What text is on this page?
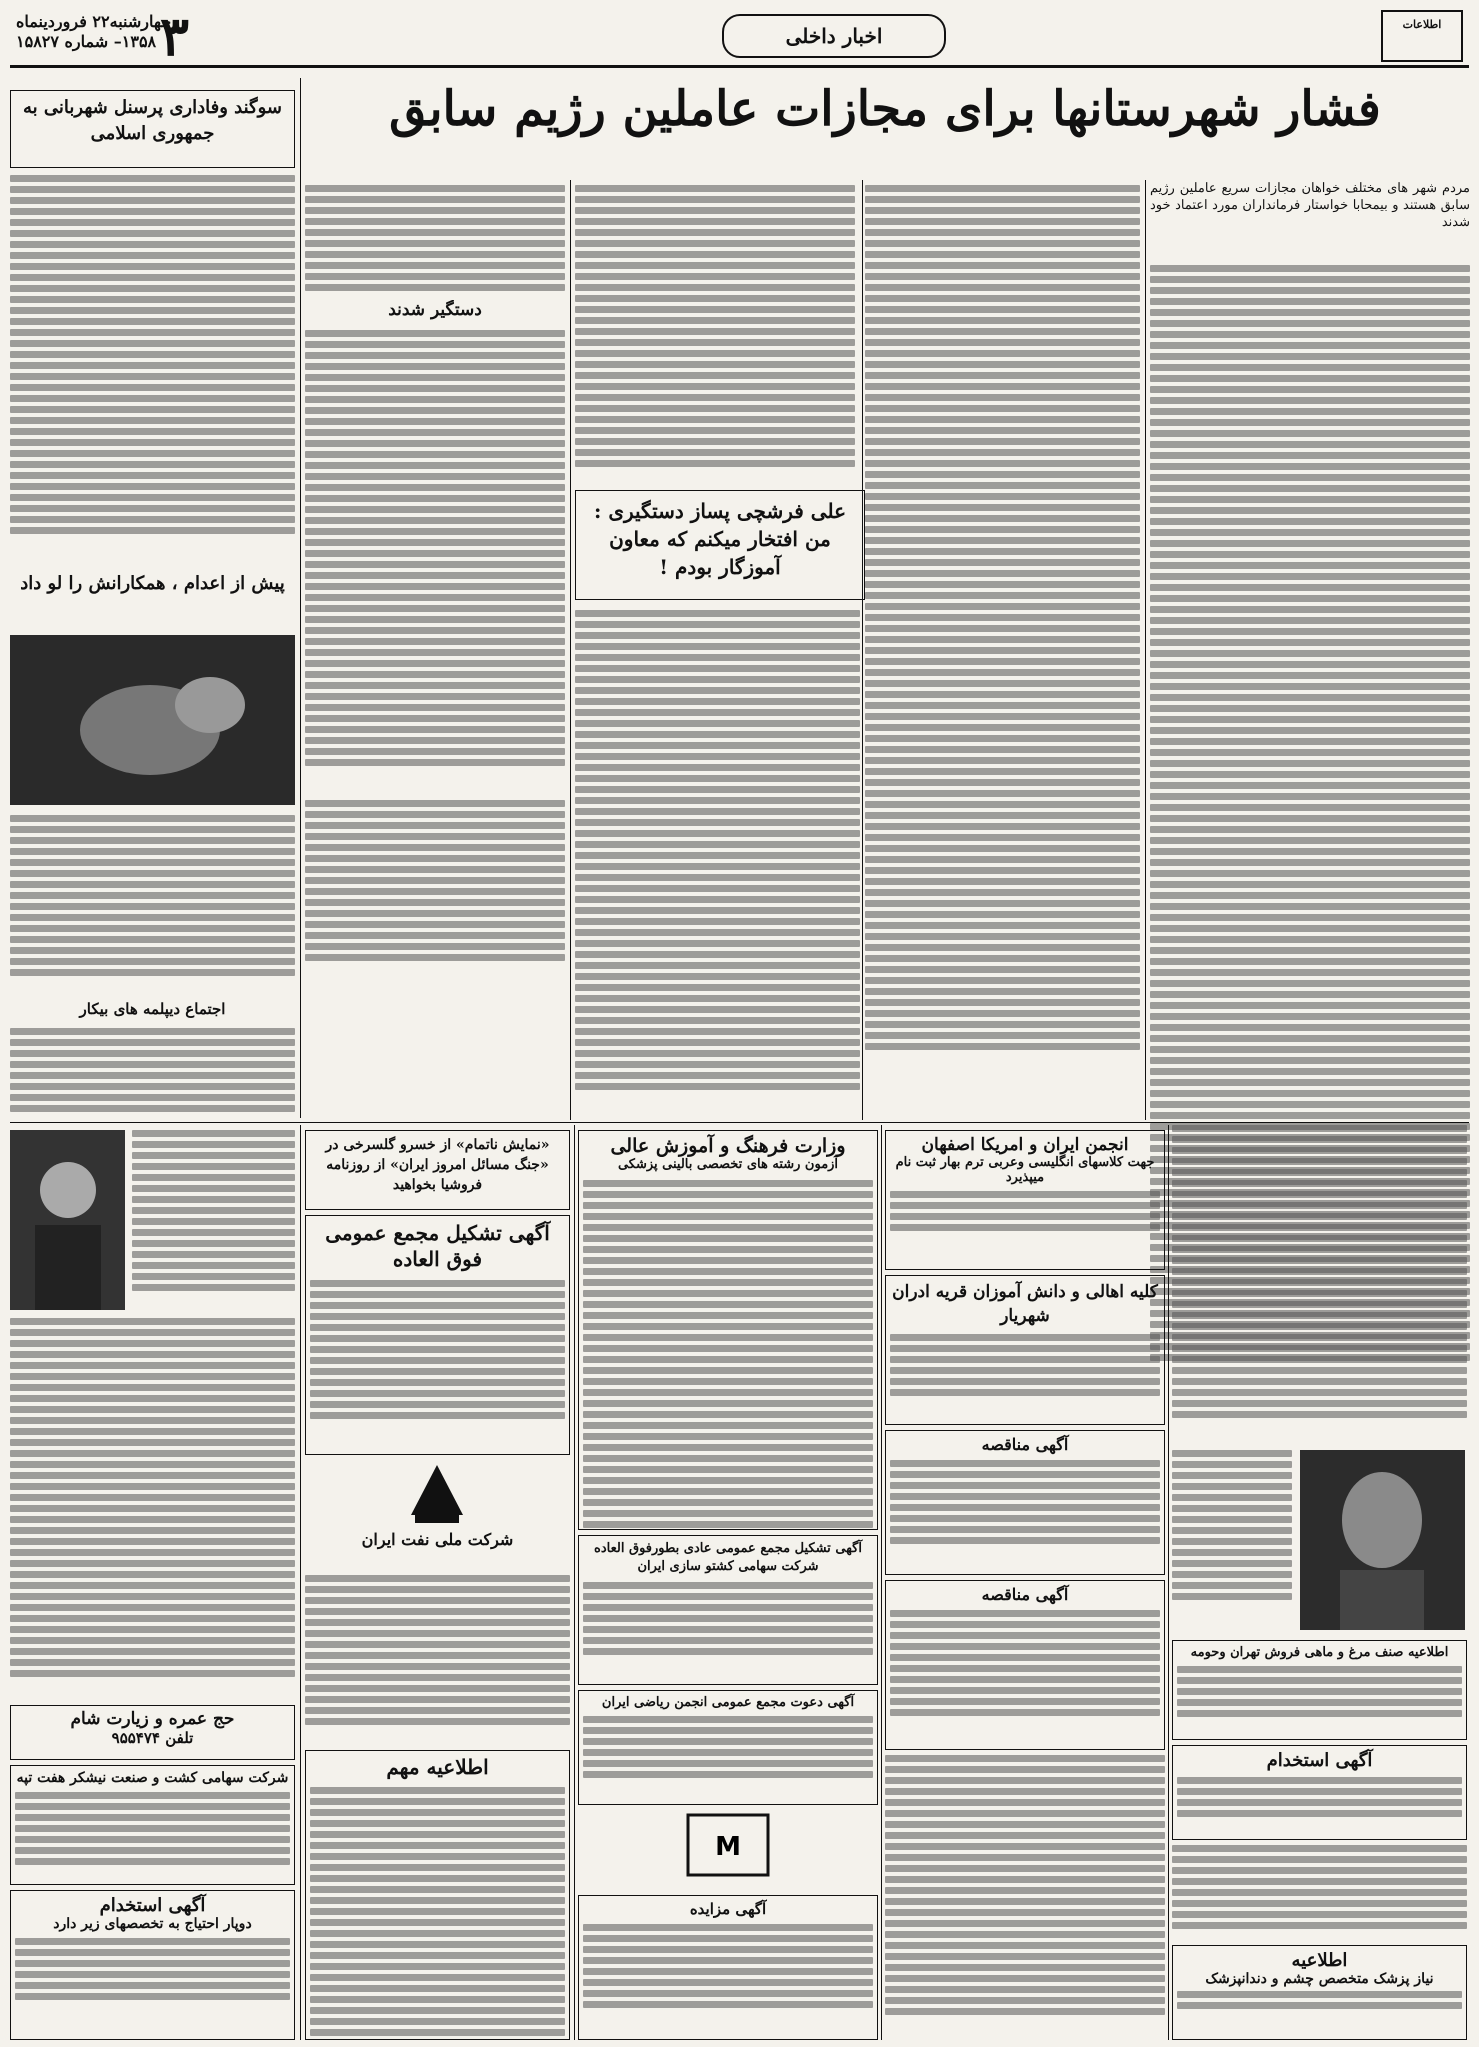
چهارشنبه۲۲ فروردینماه
۱۳۵۸– شماره ۱۵۸۲۷ ۳	اخبار داخلی	اطلاعات
فشار شهرستانها برای مجازات عاملین رژیم سابق
مردم شهر های مختلف خواهان مجازات سریع عاملین رژیم سابق هستند و بیمحابا خواستار فرمانداران مورد اعتماد خود شدند
علی فرشچی پساز دستگیری : من افتخار میکنم که معاون آموزگار بودم !
دستگیر شدند
سوگند وفاداری پرسنل شهربانی به جمهوری اسلامی
پیش از اعدام ، همکارانش را لو داد
اجتماع دیپلمه های بیکار
حج عمره و زیارت شام
تلفن ۹۵۵۴۷۴
شرکت سهامی کشت و صنعت نیشکر هفت تپه
آگهی استخدام
دوپار احتیاج به تخصصهای زیر دارد
«نمایش ناتمام» از خسرو گلسرخی در «جنگ مسائل امروز ایران» از روزنامه فروشیا بخواهید
آگهی تشکیل مجمع عمومی فوق العاده
شرکت ملی نفت ایران
اطلاعیه مهم
وزارت فرهنگ و آموزش عالی
آزمون رشته های تخصصی بالینی پزشکی
آگهی تشکیل مجمع عمومی عادی بطورفوق العاده شرکت سهامی کشتو سازی ایران
آگهی دعوت مجمع عمومی انجمن ریاضی ایران
M
آگهی مزایده
انجمن ایران و امریکا اصفهان
جهت کلاسهای انگلیسی وعربی ترم بهار ثبت نام میپذیرد
کلیه اهالی و دانش آموزان قریه ادران شهریار
آگهی مناقصه
آگهی مناقصه
اطلاعیه صنف مرغ و ماهی فروش تهران وحومه
آگهی استخدام
اطلاعیه
نیاز پزشک متخصص چشم و دندانپزشک
